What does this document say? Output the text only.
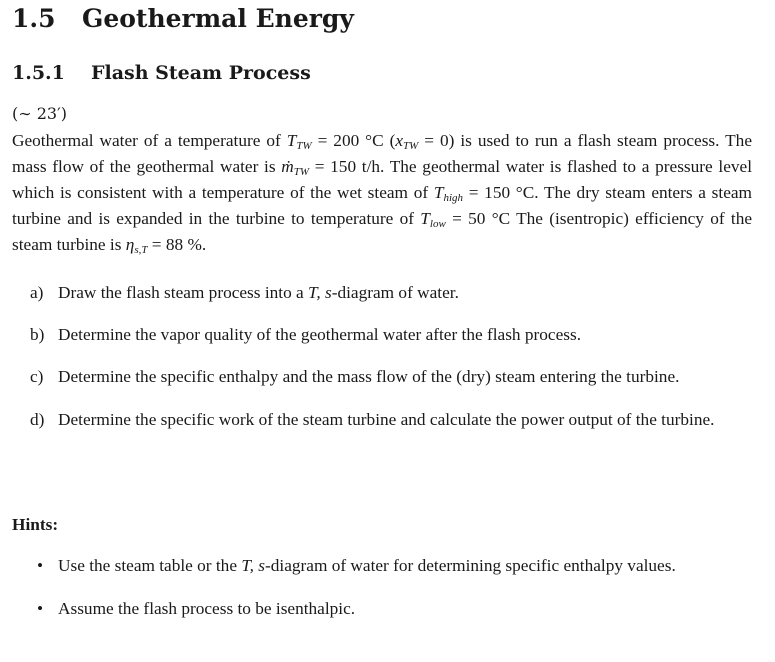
1.5 Geothermal Energy
1.5.1 Flash Steam Process
(∼ 23′)
Geothermal water of a temperature of $T_{TW} = 200$ °C $(x_{TW} = 0)$ is used to run a flash steam process. The mass flow of the geothermal water is ṁ$_{TW}$ = 150 t/h. The geothermal water is flashed to a pressure level which is consistent with a temperature of the wet steam of $T_{high} = 150$ °C. The dry steam enters a steam turbine and is expanded in the turbine to temperature of $T_{low} = 50$ °C The (isentropic) efficiency of the steam turbine is $\eta_{s,T} = 88$ %.
a) Draw the flash steam process into a T, s-diagram of water.
b) Determine the vapor quality of the geothermal water after the flash process.
c) Determine the specific enthalpy and the mass flow of the (dry) steam entering the turbine.
d) Determine the specific work of the steam turbine and calculate the power output of the turbine.
Hints:
• Use the steam table or the T, s-diagram of water for determining specific enthalpy values.
• Assume the flash process to be isenthalpic.
